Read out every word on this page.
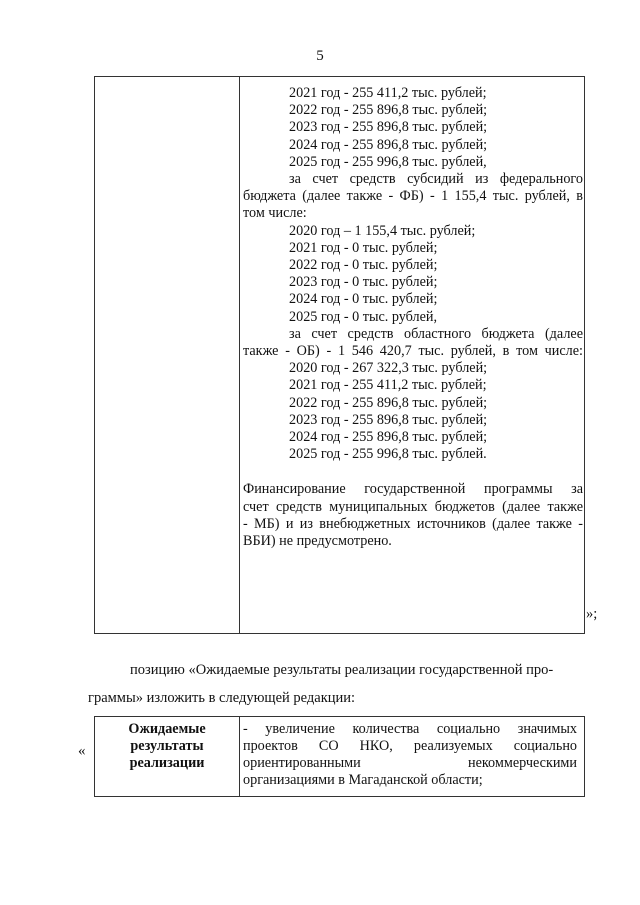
5
2021 год - 255 411,2 тыс. рублей;
2022 год - 255 896,8 тыс. рублей;
2023 год - 255 896,8 тыс. рублей;
2024 год - 255 896,8 тыс. рублей;
2025 год - 255 996,8 тыс. рублей,
за счет средств субсидий из федерального
бюджета (далее также - ФБ) - 1 155,4 тыс. рублей, в
том числе:
2020 год – 1 155,4 тыс. рублей;
2021 год - 0 тыс. рублей;
2022 год - 0 тыс. рублей;
2023 год - 0 тыс. рублей;
2024 год - 0 тыс. рублей;
2025 год - 0 тыс. рублей,
за счет средств областного бюджета (далее
также - ОБ) - 1 546 420,7 тыс. рублей, в том числе:
2020 год - 267 322,3 тыс. рублей;
2021 год - 255 411,2 тыс. рублей;
2022 год - 255 896,8 тыс. рублей;
2023 год - 255 896,8 тыс. рублей;
2024 год - 255 896,8 тыс. рублей;
2025 год - 255 996,8 тыс. рублей.
Финансирование государственной программы за
счет средств муниципальных бюджетов (далее также
- МБ) и из внебюджетных источников (далее также -
ВБИ) не предусмотрено.
»;
позицию «Ожидаемые результаты реализации государственной про-
граммы» изложить в следующей редакции:
«
Ожидаемые
результаты
реализации
- увеличение количества социально значимых
проектов СО НКО, реализуемых социально
ориентированными некоммерческими
организациями в Магаданской области;
